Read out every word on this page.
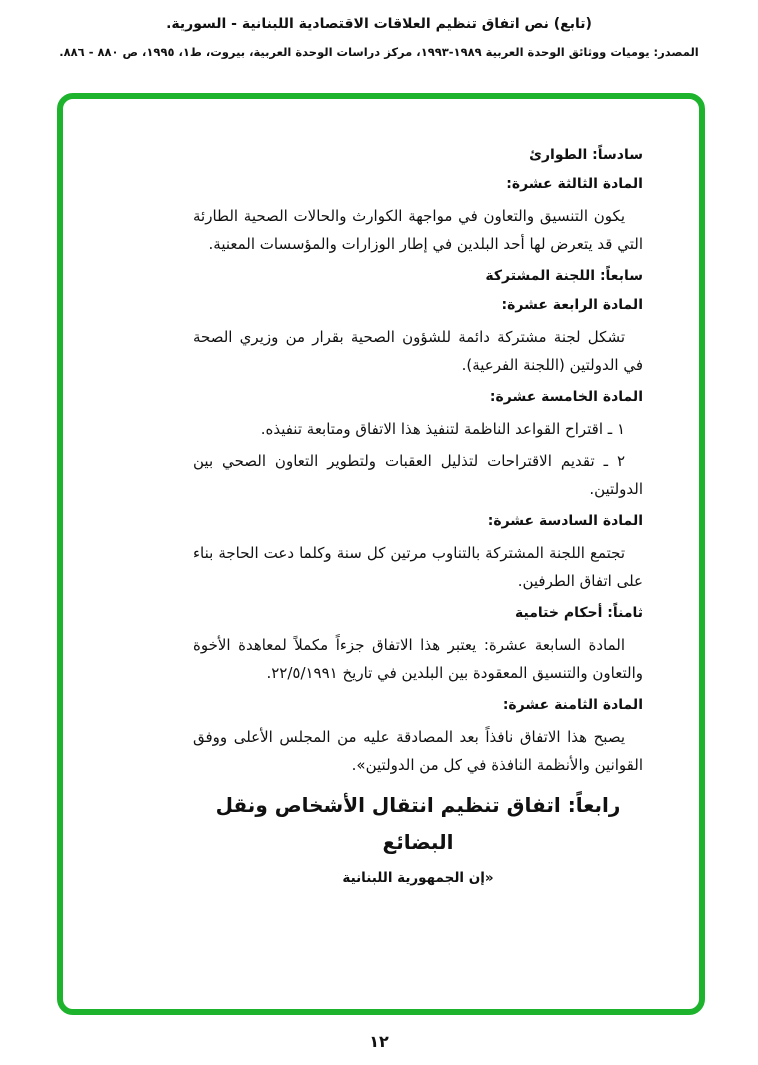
(تابع) نص اتفاق تنظيم العلاقات الاقتصادية اللبنانية - السورية.
المصدر: يوميات ووثائق الوحدة العربية ١٩٨٩-١٩٩٣، مركز دراسات الوحدة العربية، بيروت، ط١، ١٩٩٥، ص ٨٨٠ - ٨٨٦.
سادساً: الطوارئ
المادة الثالثة عشرة:

يكون التنسيق والتعاون في مواجهة الكوارث والحالات الصحية الطارئة التي قد يتعرض لها أحد البلدين في إطار الوزارات والمؤسسات المعنية.

سابعاً: اللجنة المشتركة
المادة الرابعة عشرة:

تشكل لجنة مشتركة دائمة للشؤون الصحية بقرار من وزيري الصحة في الدولتين (اللجنة الفرعية).

المادة الخامسة عشرة:

١ ـ اقتراح القواعد الناظمة لتنفيذ هذا الاتفاق ومتابعة تنفيذه.

٢ ـ تقديم الاقتراحات لتذليل العقبات ولتطوير التعاون الصحي بين الدولتين.

المادة السادسة عشرة:

تجتمع اللجنة المشتركة بالتناوب مرتين كل سنة وكلما دعت الحاجة بناء على اتفاق الطرفين.

ثامناً: أحكام ختامية

المادة السابعة عشرة: يعتبر هذا الاتفاق جزءاً مكملاً لمعاهدة الأخوة والتعاون والتنسيق المعقودة بين البلدين في تاريخ ٢٢/٥/١٩٩١.

المادة الثامنة عشرة:

يصبح هذا الاتفاق نافذاً بعد المصادقة عليه من المجلس الأعلى ووفق القوانين والأنظمة النافذة في كل من الدولتين».

رابعاً: اتفاق تنظيم انتقال الأشخاص ونقل البضائع
«إن الجمهورية اللبنانية
١٢
